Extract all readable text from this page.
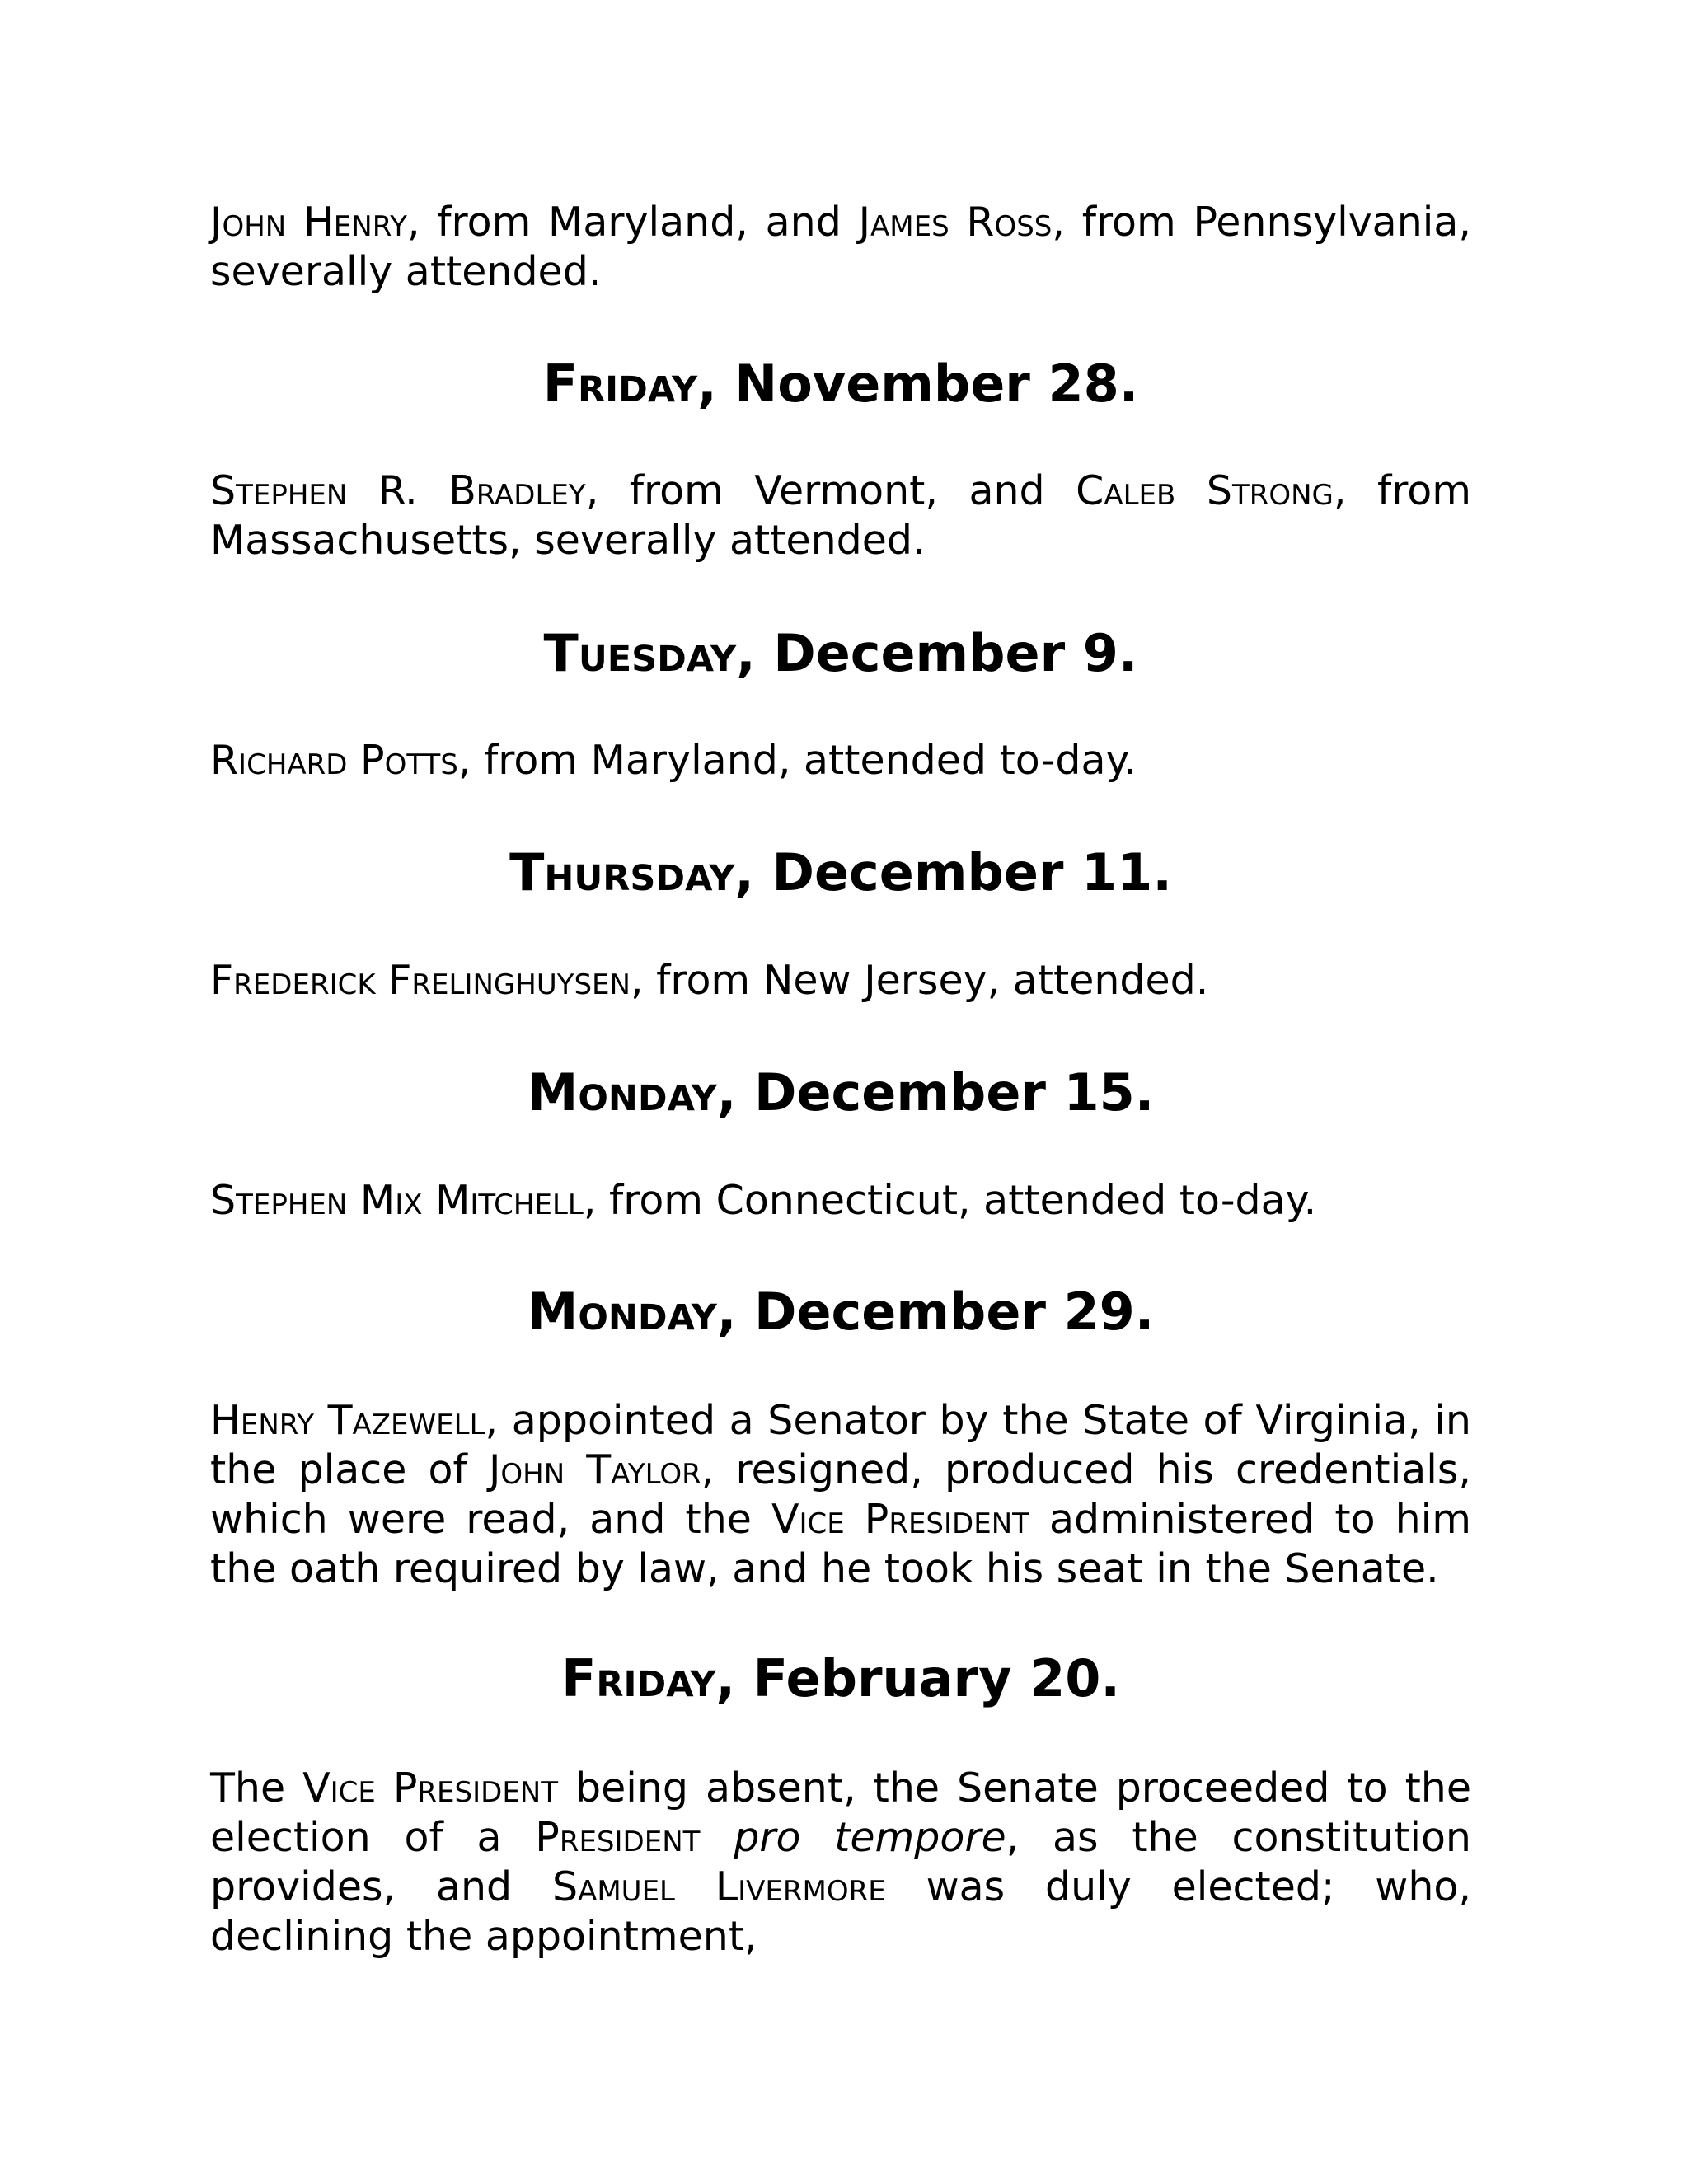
John Henry, from Maryland, and James Ross, from Pennsylvania, severally attended.

Friday, November 28.

Stephen R. Bradley, from Vermont, and Caleb Strong, from Massachusetts, severally attended.

Tuesday, December 9.

Richard Potts, from Maryland, attended to-day.

Thursday, December 11.

Frederick Frelinghuysen, from New Jersey, attended.

Monday, December 15.

Stephen Mix Mitchell, from Connecticut, attended to-day.

Monday, December 29.

Henry Tazewell, appointed a Senator by the State of Virginia, in the place of John Taylor, resigned, produced his credentials, which were read, and the Vice President administered to him the oath required by law, and he took his seat in the Senate.

Friday, February 20.

The Vice President being absent, the Senate proceeded to the election of a President pro tempore, as the constitution provides, and Samuel Livermore was duly elected; who, declining the appointment,
